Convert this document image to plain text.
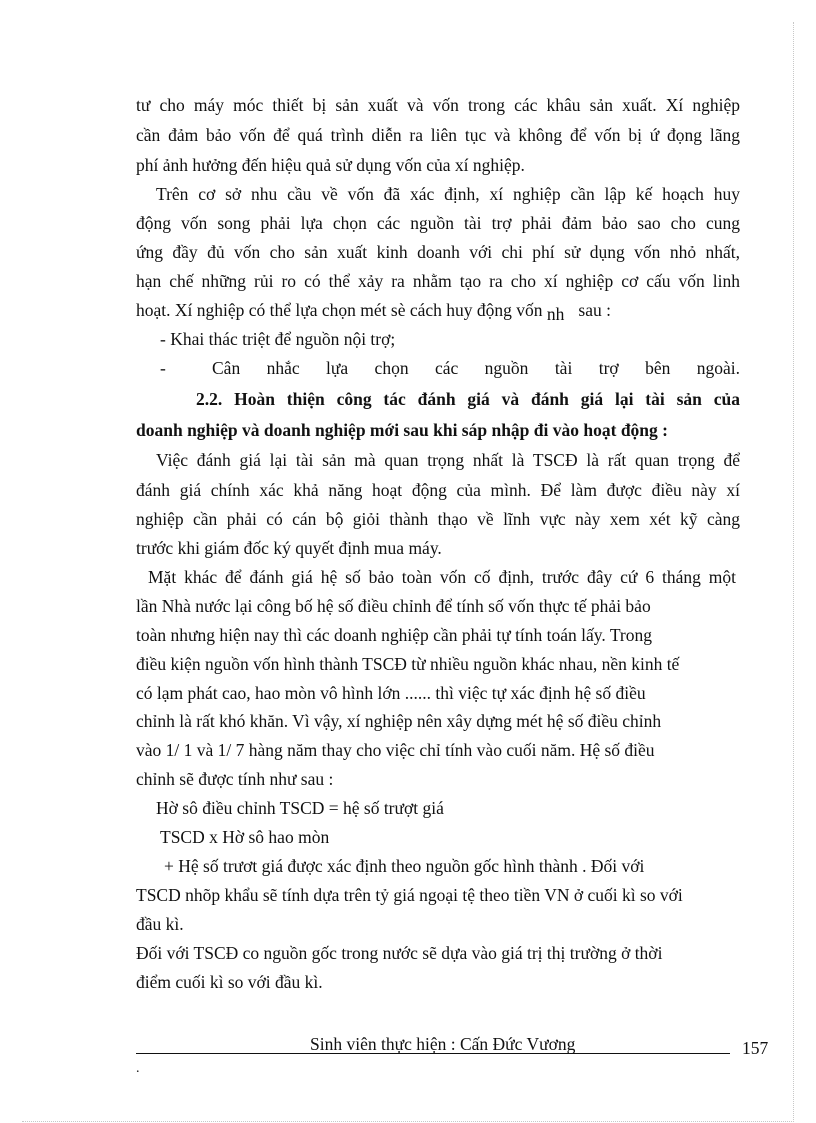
tư cho máy móc thiết bị sản xuất và vốn trong các khâu sản xuất. Xí nghiệp
cần đảm bảo vốn để quá trình diễn ra liên tục và không để vốn bị ứ đọng lãng
phí ảnh hưởng đến hiệu quả sử dụng vốn của xí nghiệp.
Trên cơ sở nhu cầu về vốn đã xác định, xí nghiệp cần lập kế hoạch huy
động vốn song phải lựa chọn các nguồn tài trợ phải đảm bảo sao cho cung
ứng đầy đủ vốn cho sản xuất kinh doanh với chi phí sử dụng vốn nhỏ nhất,
hạn chế những rủi ro có thể xảy ra nhằm tạo ra cho xí nghiệp cơ cấu vốn linh
hoạt. Xí nghiệp có thể lựa chọn mét sè cách huy động vốn nh sau :
- Khai thác triệt để nguồn nội trợ;
-	Cân nhắc lựa chọn các nguồn tài trợ bên ngoài.
2.2. Hoàn thiện công tác đánh giá và đánh giá lại tài sản của
doanh nghiệp và doanh nghiệp mới sau khi sáp nhập đi vào hoạt động :
Việc đánh giá lại tài sản mà quan trọng nhất là TSCĐ là rất quan trọng để
đánh giá chính xác khả năng hoạt động của mình. Để làm được điều này xí
nghiệp cần phải có cán bộ giỏi thành thạo về lĩnh vực này xem xét kỹ càng
trước khi giám đốc ký quyết định mua máy.
Mặt khác để đánh giá hệ số bảo toàn vốn cố định, trước đây cứ 6 tháng một
lần Nhà nước lại công bố hệ số điều chỉnh để tính số vốn thực tế phải bảo
toàn nhưng hiện nay thì các doanh nghiệp cần phải tự tính toán lấy. Trong
điều kiện nguồn vốn hình thành TSCĐ từ nhiều nguồn khác nhau, nền kinh tế
có lạm phát cao, hao mòn vô hình lớn ...... thì việc tự xác định hệ số điều
chỉnh là rất khó khăn. Vì vậy, xí nghiệp nên xây dựng mét hệ số điều chỉnh
vào 1/ 1 và 1/ 7 hàng năm thay cho việc chỉ tính vào cuối năm. Hệ số điều
chỉnh sẽ được tính như sau :
Hờ sô điều chỉnh TSCD = hệ số trượt giá
TSCD x Hờ sô hao mòn
+ Hệ số trươt giá được xác định theo nguồn gốc hình thành . Đối với
TSCD nhõp khẩu sẽ tính dựa trên tỷ giá ngoại tệ theo tiền VN ở cuối kì so với
đầu kì.
Đối với TSCĐ co nguồn gốc trong nước sẽ dựa vào giá trị thị trường ở thời
điểm cuối kì so với đầu kì.
Sinh viên thực hiện : Cấn Đức Vương	157
.
